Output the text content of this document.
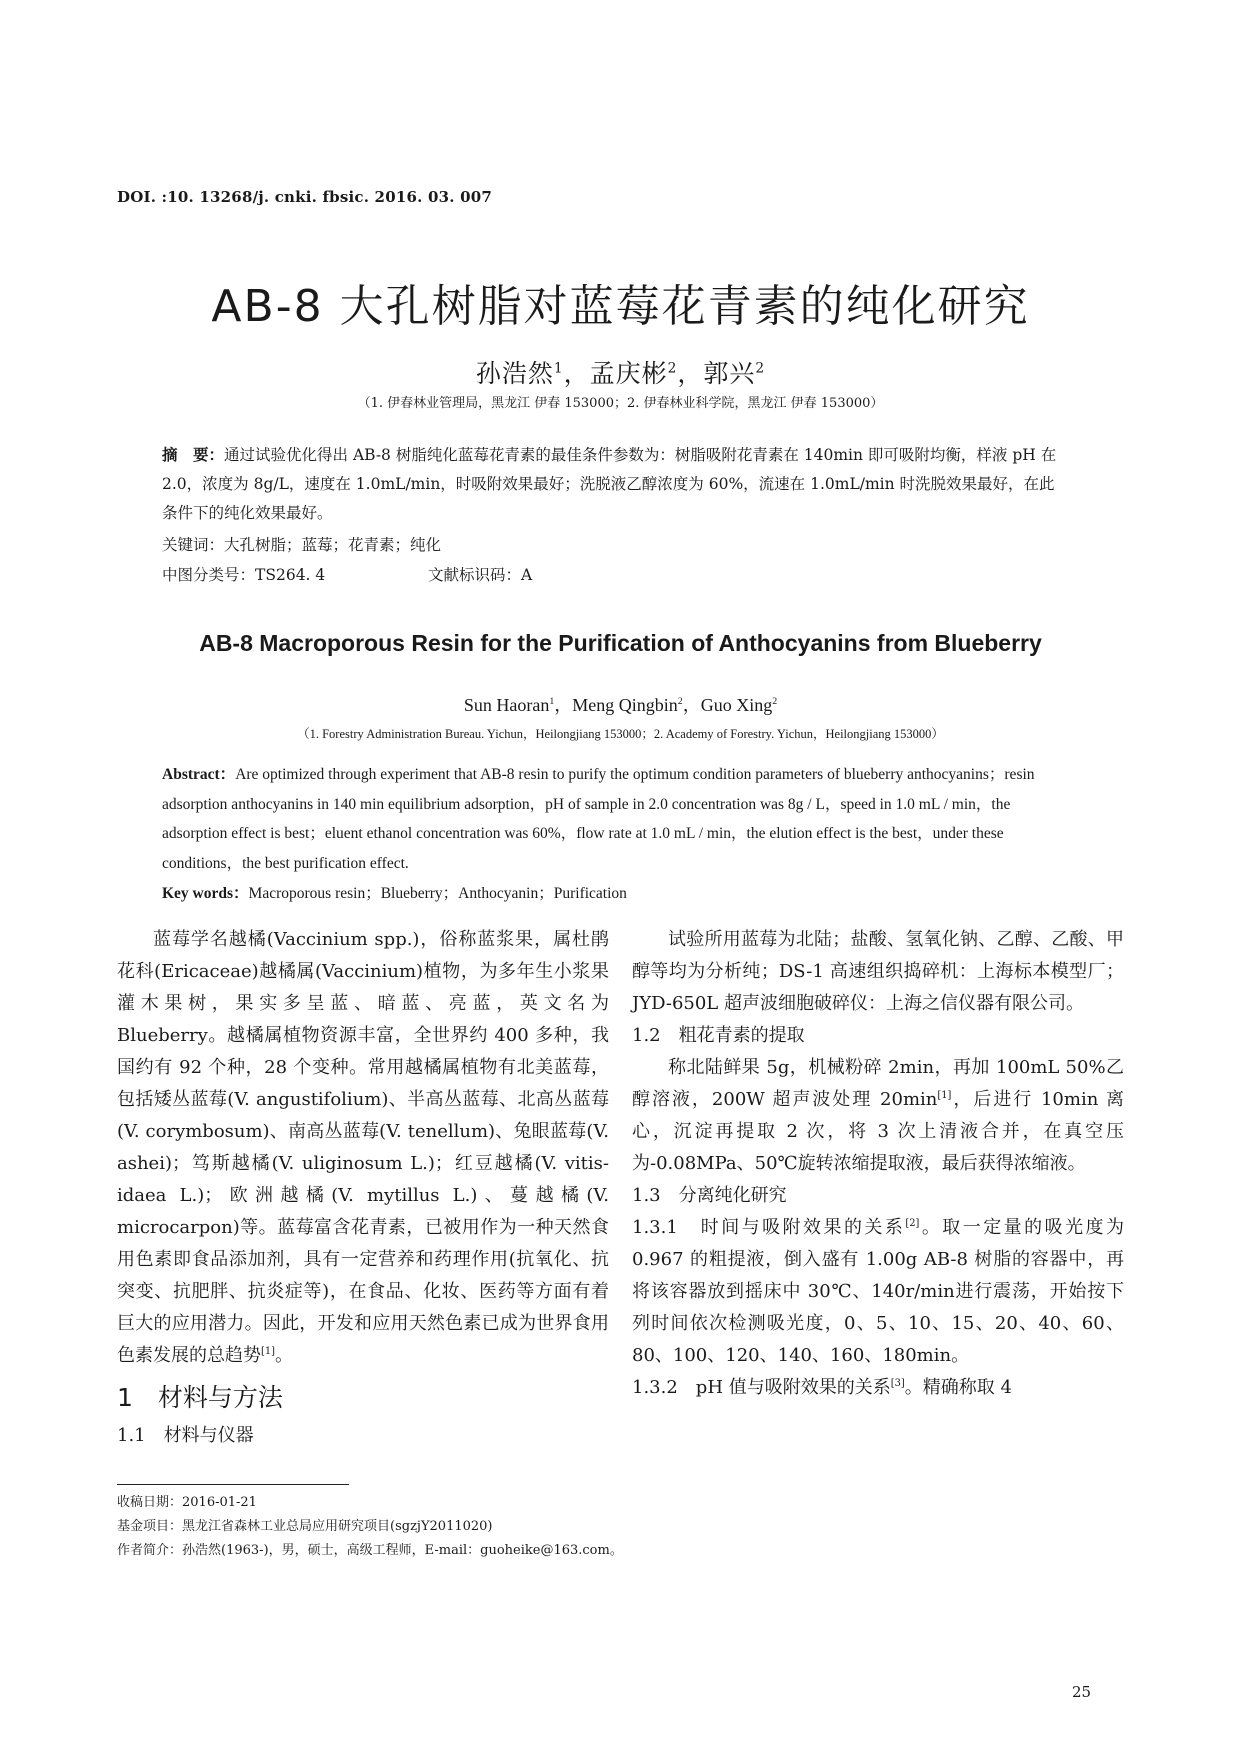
DOI. :10. 13268/j. cnki. fbsic. 2016. 03. 007
AB-8 大孔树脂对蓝莓花青素的纯化研究
孙浩然$^1$，孟庆彬$^2$，郭兴$^2$
（1. 伊春林业管理局，黑龙江 伊春 153000；2. 伊春林业科学院，黑龙江 伊春 153000）
摘　要：通过试验优化得出 AB-8 树脂纯化蓝莓花青素的最佳条件参数为：树脂吸附花青素在 140min 即可吸附均衡，样液 pH 在 2.0，浓度为 8g/L，速度在 1.0mL/min，时吸附效果最好；洗脱液乙醇浓度为 60%，流速在 1.0mL/min 时洗脱效果最好，在此条件下的纯化效果最好。
关键词：大孔树脂；蓝莓；花青素；纯化
中图分类号：TS264. 4	文献标识码：A
AB-8 Macroporous Resin for the Purification of Anthocyanins from Blueberry
Sun Haoran$^1$，Meng Qingbin$^2$，Guo Xing$^2$
（1. Forestry Administration Bureau. Yichun，Heilongjiang 153000；2. Academy of Forestry. Yichun，Heilongjiang 153000）
Abstract：Are optimized through experiment that AB-8 resin to purify the optimum condition parameters of blueberry anthocyanins；resin adsorption anthocyanins in 140 min equilibrium adsorption，pH of sample in 2.0 concentration was 8g / L，speed in 1.0 mL / min，the adsorption effect is best；eluent ethanol concentration was 60%，flow rate at 1.0 mL / min，the elution effect is the best，under these conditions，the best purification effect.
Key words：Macroporous resin；Blueberry；Anthocyanin；Purification

蓝莓学名越橘(Vaccinium spp.)，俗称蓝浆果，属杜鹃花科(Ericaceae)越橘属(Vaccinium)植物，为多年生小浆果灌木果树，果实多呈蓝、暗蓝、亮蓝，英文名为 Blueberry。越橘属植物资源丰富，全世界约 400 多种，我国约有 92 个种，28 个变种。常用越橘属植物有北美蓝莓，包括矮丛蓝莓(V. angustifolium)、半高丛蓝莓、北高丛蓝莓(V. corymbosum)、南高丛蓝莓(V. tenellum)、兔眼蓝莓(V. ashei)；笃斯越橘(V. uliginosum L.)；红豆越橘(V. vitis-idaea L.)；欧洲越橘(V. mytillus L.)、蔓越橘(V. microcarpon)等。蓝莓富含花青素，已被用作为一种天然食用色素即食品添加剂，具有一定营养和药理作用(抗氧化、抗突变、抗肥胖、抗炎症等)，在食品、化妆、医药等方面有着巨大的应用潜力。因此，开发和应用天然色素已成为世界食用色素发展的总趋势[1]。

1　材料与方法

1.1　材料与仪器

试验所用蓝莓为北陆；盐酸、氢氧化钠、乙醇、乙酸、甲醇等均为分析纯；DS-1 高速组织捣碎机：上海标本模型厂；JYD-650L 超声波细胞破碎仪：上海之信仪器有限公司。

1.2　粗花青素的提取

称北陆鲜果 5g，机械粉碎 2min，再加 100mL 50%乙醇溶液，200W 超声波处理 20min[1]，后进行 10min 离心，沉淀再提取 2 次，将 3 次上清液合并，在真空压为-0.08MPa、50℃旋转浓缩提取液，最后获得浓缩液。

1.3　分离纯化研究

1.3.1　时间与吸附效果的关系[2]。取一定量的吸光度为 0.967 的粗提液，倒入盛有 1.00g AB-8 树脂的容器中，再将该容器放到摇床中 30℃、140r/min进行震荡，开始按下列时间依次检测吸光度，0、5、10、15、20、40、60、80、100、120、140、160、180min。

1.3.2　pH 值与吸附效果的关系[3]。精确称取 4

收稿日期：2016-01-21
基金项目：黑龙江省森林工业总局应用研究项目(sgzjY2011020)
作者简介：孙浩然(1963-)，男，硕士，高级工程师，E-mail：guoheike@163.com。
25
